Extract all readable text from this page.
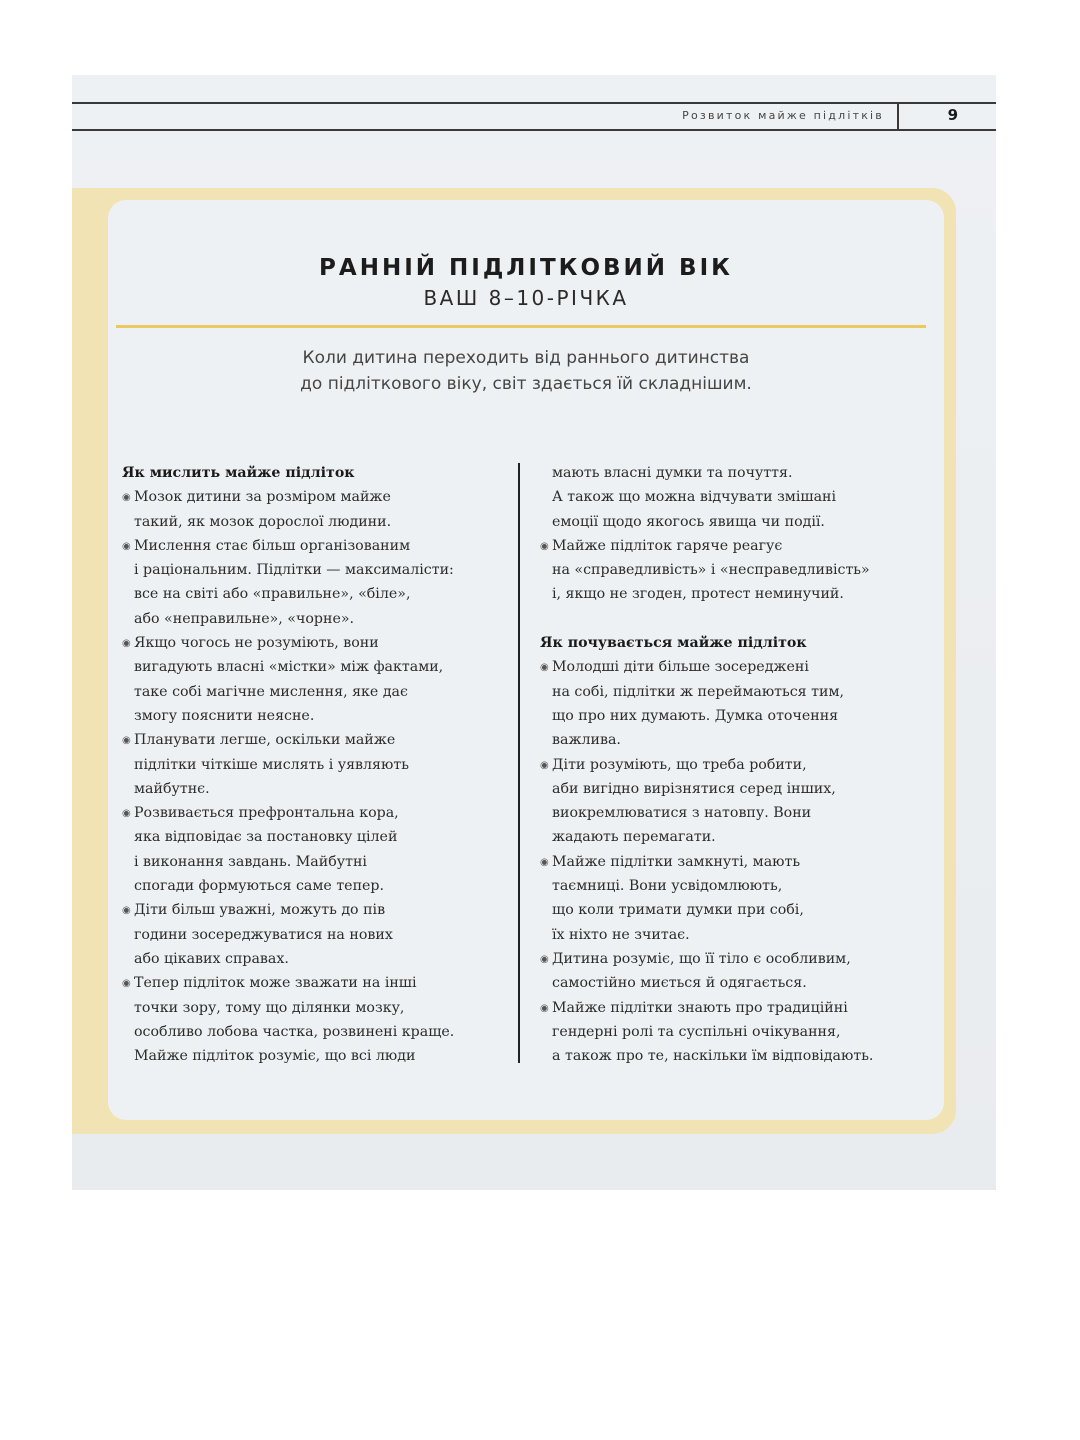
Розвиток майже підлітків	9
РАННІЙ ПІДЛІТКОВИЙ ВІК
ВАШ 8–10-РІЧКА
Коли дитина переходить від раннього дитинства
до підліткового віку, світ здається їй складнішим.
Як мислить майже підліток
◉Мозок дитини за розміром майже
такий, як мозок дорослої людини.
◉Мислення стає більш організованим
і раціональним. Підлітки — максималісти:
все на світі або «правильне», «біле»,
або «неправильне», «чорне».
◉Якщо чогось не розуміють, вони
вигадують власні «містки» між фактами,
таке собі магічне мислення, яке дає
змогу пояснити неясне.
◉Планувати легше, оскільки майже
підлітки чіткіше мислять і уявляють
майбутнє.
◉Розвивається префронтальна кора,
яка відповідає за постановку цілей
і виконання завдань. Майбутні
спогади формуються саме тепер.
◉Діти більш уважні, можуть до пів
години зосереджуватися на нових
або цікавих справах.
◉Тепер підліток може зважати на інші
точки зору, тому що ділянки мозку,
особливо лобова частка, розвинені краще.
Майже підліток розуміє, що всі люди
мають власні думки та почуття.
А також що можна відчувати змішані
емоції щодо якогось явища чи події.
◉Майже підліток гаряче реагує
на «справедливість» і «несправедливість»
і, якщо не згоден, протест неминучий.
Як почувається майже підліток
◉Молодші діти більше зосереджені
на собі, підлітки ж переймаються тим,
що про них думають. Думка оточення
важлива.
◉Діти розуміють, що треба робити,
аби вигідно вирізнятися серед інших,
виокремлюватися з натовпу. Вони
жадають перемагати.
◉Майже підлітки замкнуті, мають
таємниці. Вони усвідомлюють,
що коли тримати думки при собі,
їх ніхто не зчитає.
◉Дитина розуміє, що її тіло є особливим,
самостійно миється й одягається.
◉Майже підлітки знають про традиційні
гендерні ролі та суспільні очікування,
а також про те, наскільки їм відповідають.
